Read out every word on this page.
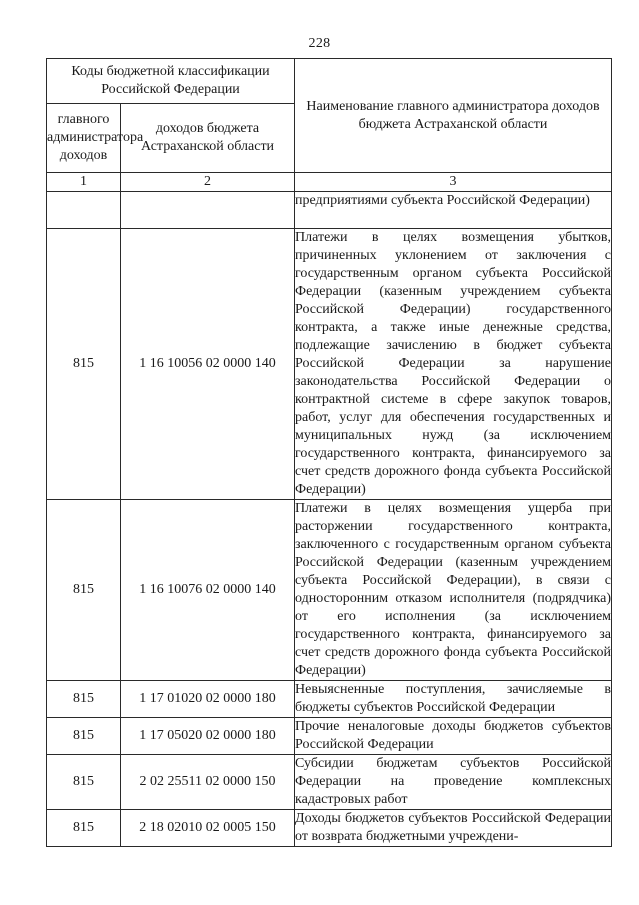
228
Коды бюджетной классификации Российской Федерации		Наименование главного администратора доходов бюджета Астраханской области
главного администратора доходов	доходов бюджета Астраханской области	
1	2	3
		предприятиями субъекта Российской Федерации)
815	1 16 10056 02 0000 140	Платежи в целях возмещения убытков, причиненных уклонением от заключения с государственным органом субъекта Российской Федерации (казенным учреждением субъекта Российской Федерации) государственного контракта, а также иные денежные средства, подлежащие зачислению в бюджет субъекта Российской Федерации за нарушение законодательства Российской Федерации о контрактной системе в сфере закупок товаров, работ, услуг для обеспечения государственных и муниципальных нужд (за исключением государственного контракта, финансируемого за счет средств дорожного фонда субъекта Российской Федерации)
815	1 16 10076 02 0000 140	Платежи в целях возмещения ущерба при расторжении государственного контракта, заключенного с государственным органом субъекта Российской Федерации (казенным учреждением субъекта Российской Федерации), в связи с односторонним отказом исполнителя (подрядчика) от его исполнения (за исключением государственного контракта, финансируемого за счет средств дорожного фонда субъекта Российской Федерации)
815	1 17 01020 02 0000 180	Невыясненные поступления, зачисляемые в бюджеты субъектов Российской Федерации
815	1 17 05020 02 0000 180	Прочие неналоговые доходы бюджетов субъектов Российской Федерации
815	2 02 25511 02 0000 150	Субсидии бюджетам субъектов Российской Федерации на проведение комплексных кадастровых работ
815	2 18 02010 02 0005 150	Доходы бюджетов субъектов Российской Федерации от возврата бюджетными учреждени-
